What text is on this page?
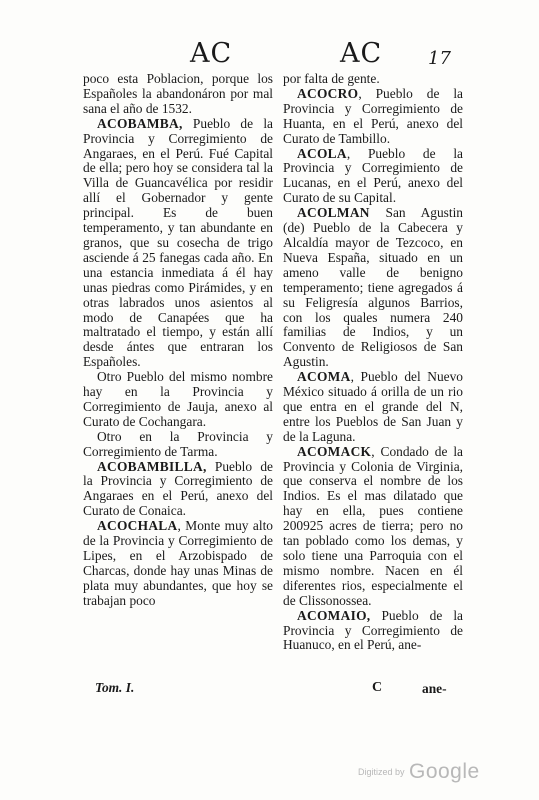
AC	AC	17

poco esta Poblacion, porque los Españoles la abandonáron por mal sana el año de 1532.

ACOBAMBA, Pueblo de la Provincia y Corregimiento de Angaraes, en el Perú. Fué Capital de ella; pero hoy se considera tal la Villa de Guancavélica por residir allí el Gobernador y gente principal. Es de buen temperamento, y tan abundante en granos, que su cosecha de trigo asciende á 25 fanegas cada año. En una estancia inmediata á él hay unas piedras como Pirámides, y en otras labrados unos asientos al modo de Canapées que ha maltratado el tiempo, y están allí desde ántes que entraran los Españoles.

Otro Pueblo del mismo nombre hay en la Provincia y Corregimiento de Jauja, anexo al Curato de Cochangara.

Otro en la Provincia y Corregimiento de Tarma.

ACOBAMBILLA, Pueblo de la Provincia y Corregimiento de Angaraes en el Perú, anexo del Curato de Conaica.

ACOCHALA, Monte muy alto de la Provincia y Corregimiento de Lipes, en el Arzobispado de Charcas, donde hay unas Minas de plata muy abundantes, que hoy se trabajan poco

por falta de gente.

ACOCRO, Pueblo de la Provincia y Corregimiento de Huanta, en el Perú, anexo del Curato de Tambillo.

ACOLA, Pueblo de la Provincia y Corregimiento de Lucanas, en el Perú, anexo del Curato de su Capital.

ACOLMAN San Agustin (de) Pueblo de la Cabecera y Alcaldía mayor de Tezcoco, en Nueva España, situado en un ameno valle de benigno temperamento; tiene agregados á su Feligresía algunos Barrios, con los quales numera 240 familias de Indios, y un Convento de Religiosos de San Agustin.

ACOMA, Pueblo del Nuevo México situado á orilla de un rio que entra en el grande del N, entre los Pueblos de San Juan y de la Laguna.

ACOMACK, Condado de la Provincia y Colonia de Virginia, que conserva el nombre de los Indios. Es el mas dilatado que hay en ella, pues contiene 200925 acres de tierra; pero no tan poblado como los demas, y solo tiene una Parroquia con el mismo nombre. Nacen en él diferentes rios, especialmente el de Clissonossea.

ACOMAIO, Pueblo de la Provincia y Corregimiento de Huanuco, en el Perú, ane-

Tom. I.	C	ane-
Digitized by Google
